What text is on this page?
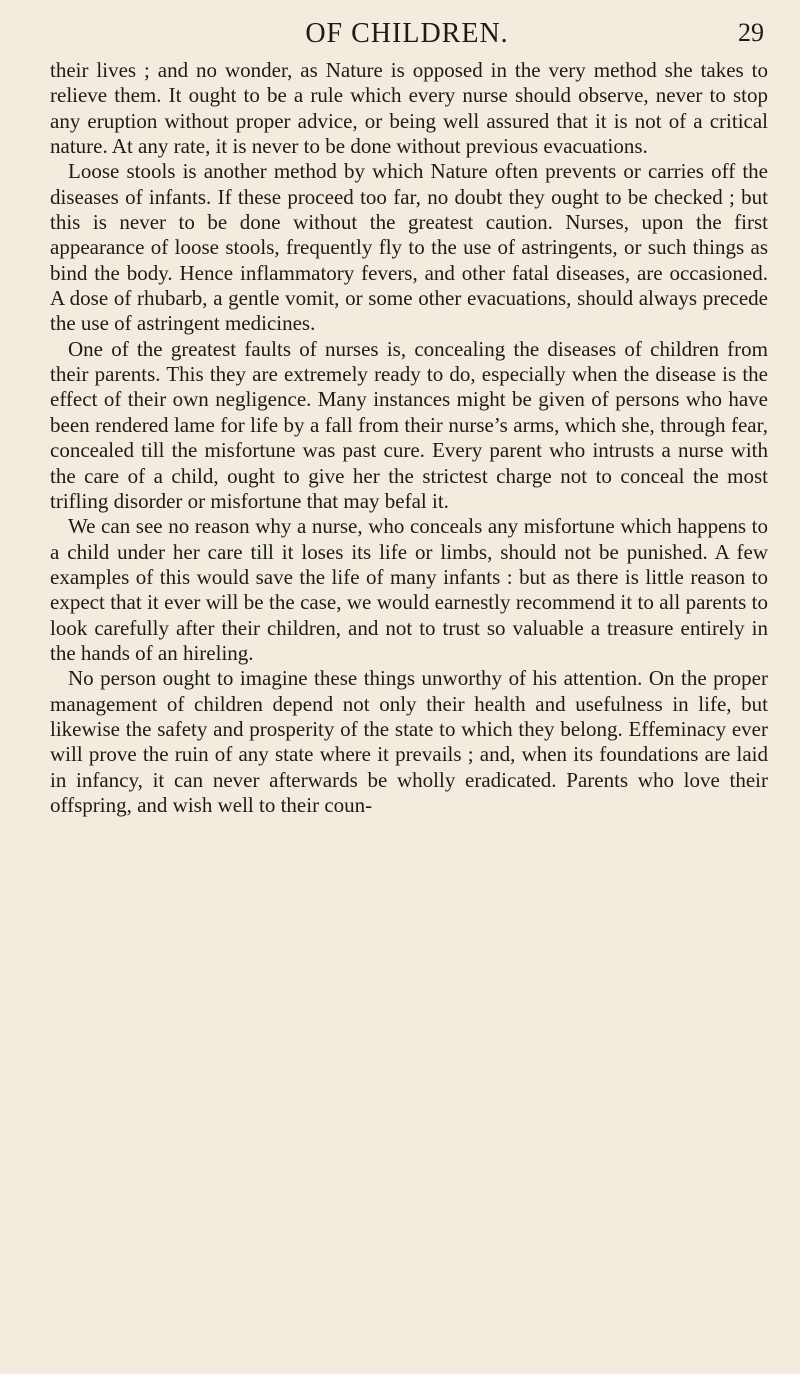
OF CHILDREN.	29

their lives ; and no wonder, as Nature is opposed in the very method she takes to relieve them. It ought to be a rule which every nurse should observe, never to stop any eruption without proper advice, or being well assured that it is not of a critical nature. At any rate, it is never to be done without previous evacuations.

Loose stools is another method by which Nature often prevents or carries off the diseases of infants. If these proceed too far, no doubt they ought to be checked ; but this is never to be done without the greatest caution. Nurses, upon the first appearance of loose stools, frequently fly to the use of astringents, or such things as bind the body. Hence inflammatory fevers, and other fatal diseases, are occasioned. A dose of rhubarb, a gentle vomit, or some other evacuations, should always precede the use of astringent medicines.

One of the greatest faults of nurses is, concealing the diseases of children from their parents. This they are extremely ready to do, especially when the disease is the effect of their own negligence. Many instances might be given of persons who have been rendered lame for life by a fall from their nurse’s arms, which she, through fear, concealed till the misfortune was past cure. Every parent who intrusts a nurse with the care of a child, ought to give her the strictest charge not to conceal the most trifling disorder or misfortune that may befal it.

We can see no reason why a nurse, who conceals any misfortune which happens to a child under her care till it loses its life or limbs, should not be punished. A few examples of this would save the life of many infants : but as there is little reason to expect that it ever will be the case, we would earnestly recommend it to all parents to look carefully after their children, and not to trust so valuable a treasure entirely in the hands of an hireling.

No person ought to imagine these things unworthy of his attention. On the proper management of children depend not only their health and usefulness in life, but likewise the safety and prosperity of the state to which they belong. Effeminacy ever will prove the ruin of any state where it prevails ; and, when its foundations are laid in infancy, it can never afterwards be wholly eradicated. Parents who love their offspring, and wish well to their coun-
